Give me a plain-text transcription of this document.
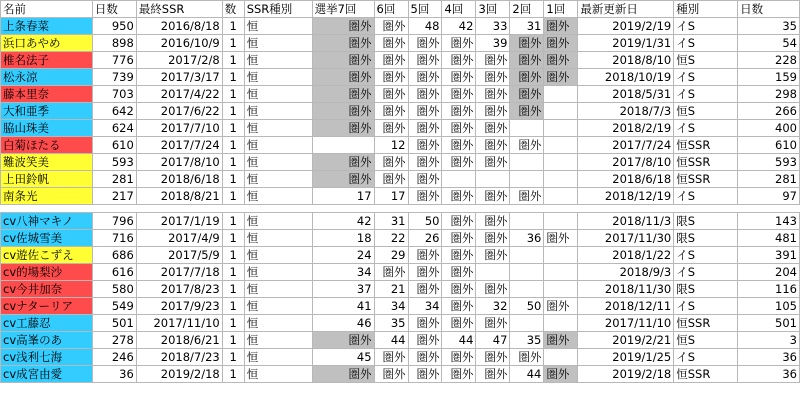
名前	日数	最終SSR	数	SSR種別	選挙7回	6回	5回	4回	3回	2回	1回	最新更新日	種別	日数
上条春菜	950	2016/8/18	1	恒	圏外	圏外	48	42	33	31	圏外	2019/2/19	イS	35
浜口あやめ	898	2016/10/9	1	恒	圏外	圏外	圏外	圏外	39	圏外	圏外	2019/1/31	イS	54
椎名法子	776	2017/2/8	1	恒	圏外	圏外	圏外	圏外	圏外	圏外	圏外	2018/8/10	恒S	228
松永涼	739	2017/3/17	1	恒	圏外	圏外	圏外	圏外	圏外	圏外	圏外	2018/10/19	イS	159
藤本里奈	703	2017/4/22	1	恒	圏外	圏外	圏外	圏外	圏外	圏外		2018/5/31	イS	298
大和亜季	642	2017/6/22	1	恒	圏外	圏外	圏外	圏外	圏外	圏外		2018/7/3	恒S	266
脇山珠美	624	2017/7/10	1	恒	圏外	圏外	圏外	圏外	圏外			2018/2/19	イS	400
白菊ほたる	610	2017/7/24	1	恒		12	圏外	圏外	圏外	圏外		2017/7/24	恒SSR	610
難波笑美	593	2017/8/10	1	恒	圏外	圏外	圏外	圏外	圏外			2017/8/10	恒SSR	593
上田鈴帆	281	2018/6/18	1	恒	圏外	圏外	圏外					2018/6/18	恒SSR	281
南条光	217	2018/8/21	1	恒	17	17	圏外	圏外	圏外	圏外		2018/12/19	イS	97

cv八神マキノ	796	2017/1/19	1	恒	42	31	50	圏外	圏外			2018/11/3	限S	143
cv佐城雪美	716	2017/4/9	1	恒	18	22	26	圏外	圏外	36	圏外	2017/11/30	限S	481
cv遊佐こずえ	686	2017/5/9	1	恒	24	29	圏外	圏外	圏外			2018/1/22	イS	391
cv的場梨沙	616	2017/7/18	1	恒	34	圏外	圏外	圏外				2018/9/3	イS	204
cv今井加奈	580	2017/8/23	1	恒	37	21	圏外	圏外	圏外			2018/11/30	限S	116
cvナターリア	549	2017/9/23	1	恒	41	34	34	圏外	32	50	圏外	2018/12/11	イS	105
cv工藤忍	501	2017/11/10	1	恒	46	35	圏外	圏外	圏外			2017/11/10	恒SSR	501
cv高峯のあ	278	2018/6/21	1	恒	圏外	44	圏外	44	47	35	圏外	2019/2/21	恒S	3
cv浅利七海	246	2018/7/23	1	恒	45	圏外	圏外	圏外	圏外	圏外		2019/1/25	イS	36
cv成宮由愛	36	2019/2/18	1	恒	圏外	圏外	圏外	圏外	圏外	44	圏外	2019/2/18	恒SSR	36
